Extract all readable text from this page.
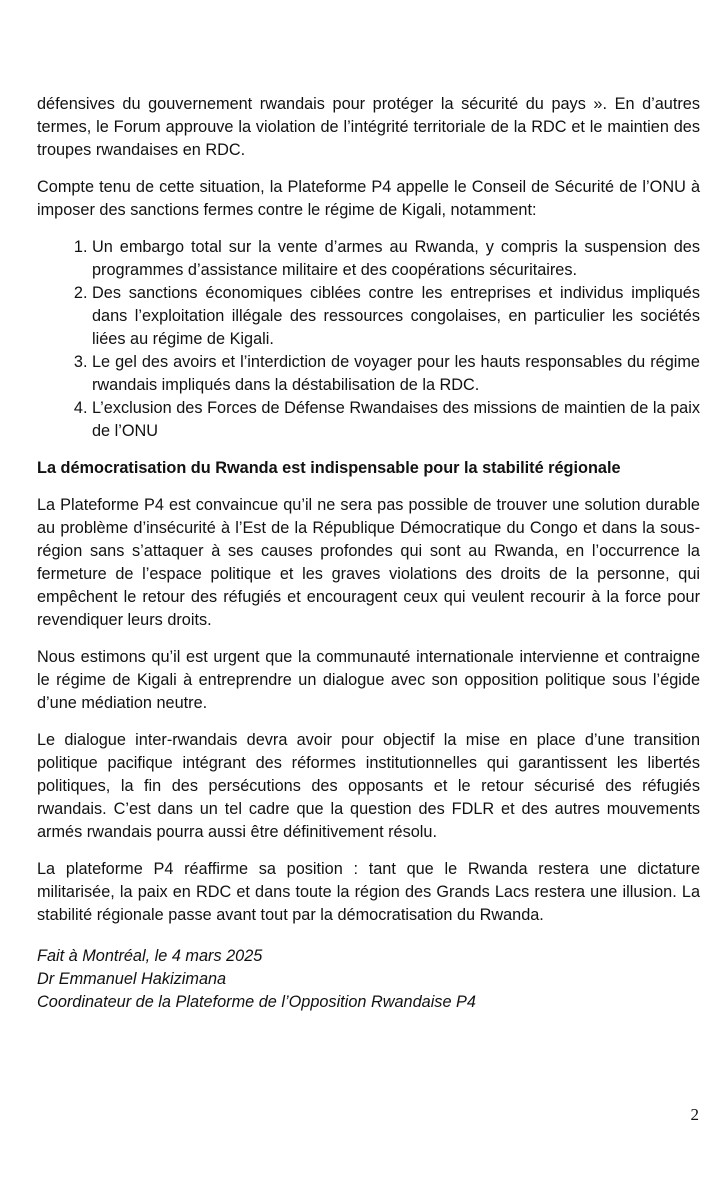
défensives du gouvernement rwandais pour protéger la sécurité du pays ». En d’autres termes, le Forum approuve la violation de l’intégrité territoriale de la RDC et le maintien des troupes rwandaises en RDC.

Compte tenu de cette situation, la Plateforme P4 appelle le Conseil de Sécurité de l’ONU à imposer des sanctions fermes contre le régime de Kigali, notamment:

1. Un embargo total sur la vente d’armes au Rwanda, y compris la suspension des programmes d’assistance militaire et des coopérations sécuritaires.
2. Des sanctions économiques ciblées contre les entreprises et individus impliqués dans l’exploitation illégale des ressources congolaises, en particulier les sociétés liées au régime de Kigali.
3. Le gel des avoirs et l’interdiction de voyager pour les hauts responsables du régime rwandais impliqués dans la déstabilisation de la RDC.
4. L’exclusion des Forces de Défense Rwandaises des missions de maintien de la paix de l’ONU

La démocratisation du Rwanda est indispensable pour la stabilité régionale

La Plateforme P4 est convaincue qu’il ne sera pas possible de trouver une solution durable au problème d’insécurité à l’Est de la République Démocratique du Congo et dans la sous-région sans s’attaquer à ses causes profondes qui sont au Rwanda, en l’occurrence la fermeture de l’espace politique et les graves violations des droits de la personne, qui empêchent le retour des réfugiés et encouragent ceux qui veulent recourir à la force pour revendiquer leurs droits.

Nous estimons qu’il est urgent que la communauté internationale intervienne et contraigne le régime de Kigali à entreprendre un dialogue avec son opposition politique sous l’égide d’une médiation neutre.

Le dialogue inter-rwandais devra avoir pour objectif la mise en place d’une transition politique pacifique intégrant des réformes institutionnelles qui garantissent les libertés politiques, la fin des persécutions des opposants et le retour sécurisé des réfugiés rwandais. C’est dans un tel cadre que la question des FDLR et des autres mouvements armés rwandais pourra aussi être définitivement résolu.

La plateforme P4 réaffirme sa position : tant que le Rwanda restera une dictature militarisée, la paix en RDC et dans toute la région des Grands Lacs restera une illusion. La stabilité régionale passe avant tout par la démocratisation du Rwanda.

Fait à Montréal, le 4 mars 2025
Dr Emmanuel Hakizimana
Coordinateur de la Plateforme de l’Opposition Rwandaise P4
2
